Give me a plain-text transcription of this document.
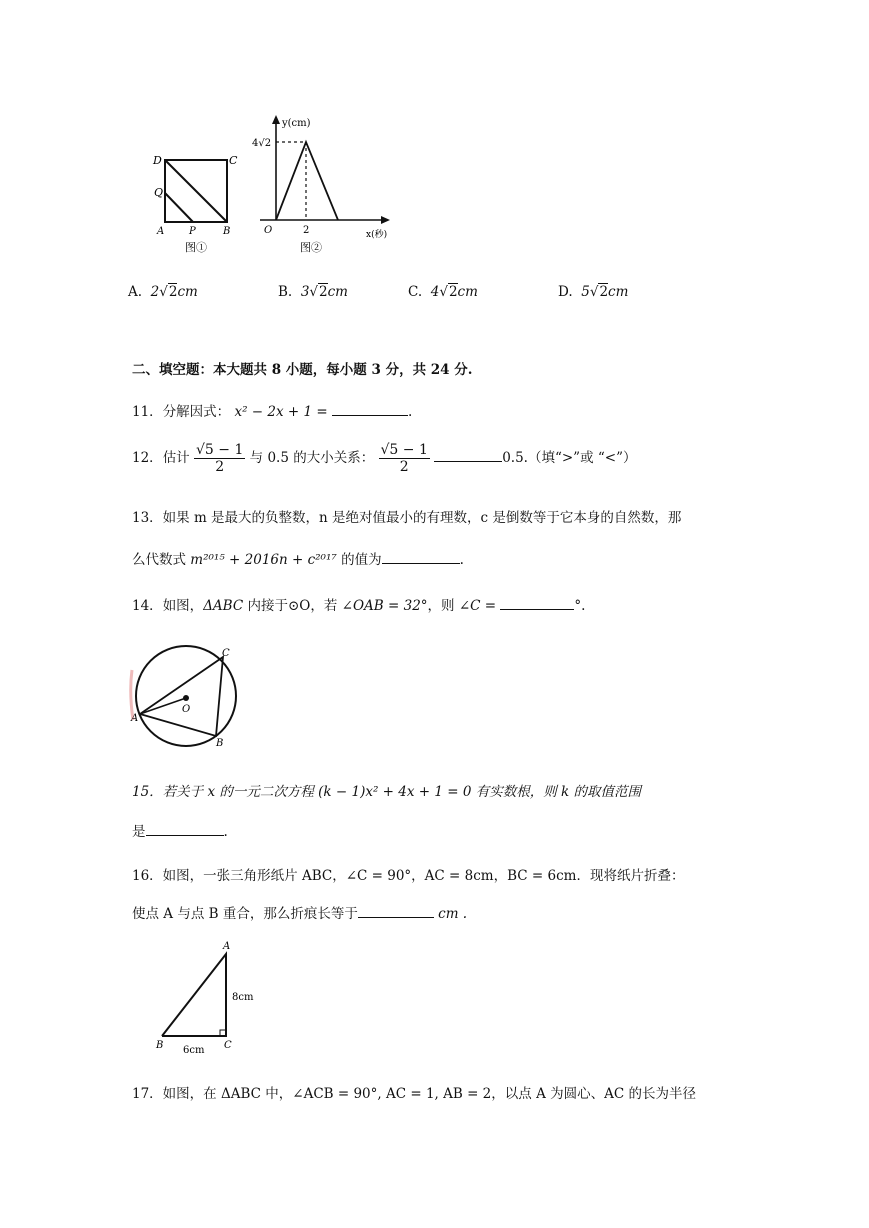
D	C
Q
A P	B
图①
y(cm)
4√2
O	2	x(秒)
图②
A. 2√2cm	B. 3√2cm	C. 4√2cm	D. 5√2cm
二、填空题：本大题共 8 小题，每小题 3 分，共 24 分.
11．分解因式： x² − 2x + 1 =	.
12．估计 $\frac{√5 - 1}{2}$ 与 0.5 的大小关系： $\frac{√5 - 1}{2}$	0.5.（填“>”或 “<”）
13．如果 m 是最大的负整数，n 是绝对值最小的有理数，c 是倒数等于它本身的自然数，那
么代数式 m²⁰¹⁵ + 2016n + c²⁰¹⁷ 的值为	.
14．如图，ΔABC 内接于⊙O，若 ∠OAB = 32°，则 ∠C =	°.
A
C
B
O
15．若关于 x 的一元二次方程 (k − 1)x² + 4x + 1 = 0 有实数根，则 k 的取值范围
是	.
16．如图，一张三角形纸片 ABC，∠C = 90°，AC = 8cm，BC = 6cm．现将纸片折叠：
使点 A 与点 B 重合，那么折痕长等于	cm .
A
B	C
8cm
6cm
17．如图，在 ΔABC 中，∠ACB = 90°, AC = 1, AB = 2，以点 A 为圆心、AC 的长为半径
